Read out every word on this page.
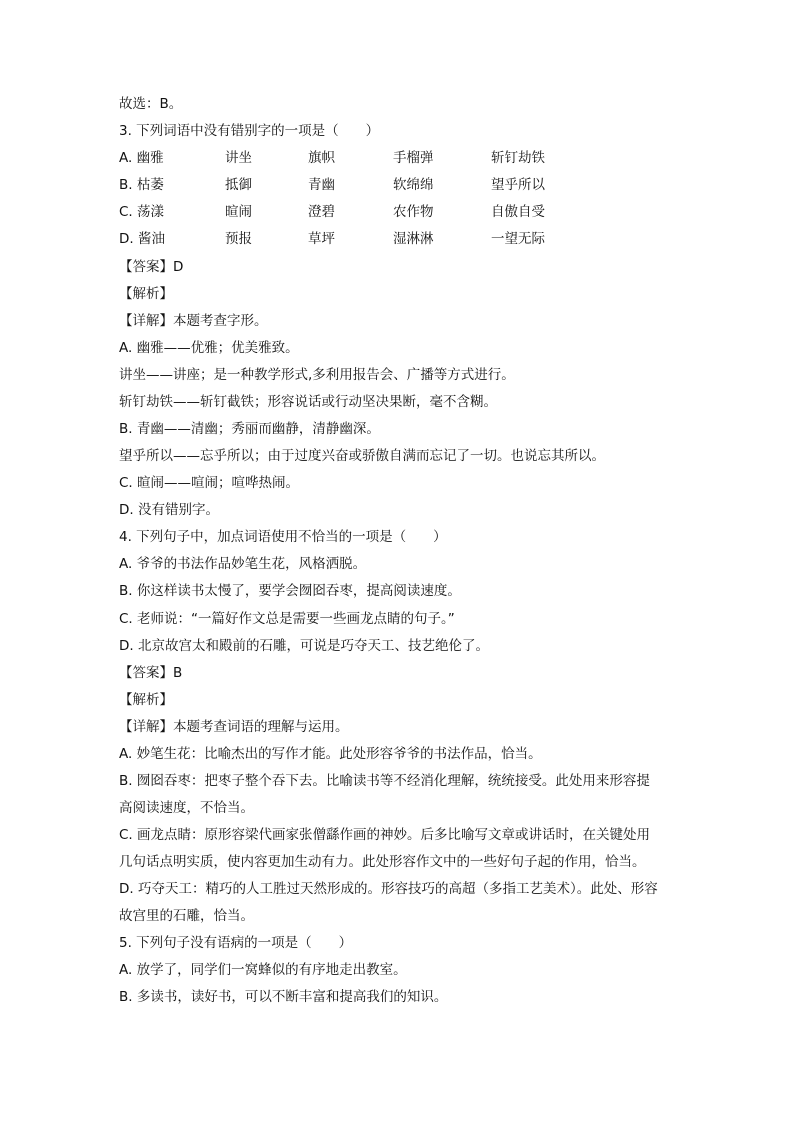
故选：B。
3. 下列词语中没有错别字的一项是（　　）
A. 幽雅	讲坐	旗帜	手榴弹	斩钉劫铁
B. 枯萎	抵御	青幽	软绵绵	望乎所以
C. 荡漾	暄闹	澄碧	农作物	自傲自受
D. 酱油	预报	草坪	湿淋淋	一望无际
【答案】D
【解析】
【详解】本题考查字形。
A. 幽雅——优雅；优美雅致。
讲坐——讲座；是一种教学形式,多利用报告会、广播等方式进行。
斩钉劫铁——斩钉截铁；形容说话或行动坚决果断，毫不含糊。
B. 青幽——清幽；秀丽而幽静，清静幽深。
望乎所以——忘乎所以；由于过度兴奋或骄傲自满而忘记了一切。也说忘其所以。
C. 暄闹——喧闹；喧哗热闹。
D. 没有错别字。
4. 下列句子中，加点词语使用不恰当的一项是（　　）
A. 爷爷的书法作品妙笔生花，风格洒脱。
B. 你这样读书太慢了，要学会囫囵吞枣，提高阅读速度。
C. 老师说：“一篇好作文总是需要一些画龙点睛的句子。”
D. 北京故宫太和殿前的石雕，可说是巧夺天工、技艺绝伦了。
【答案】B
【解析】
【详解】本题考查词语的理解与运用。
A. 妙笔生花：比喻杰出的写作才能。此处形容爷爷的书法作品，恰当。
B. 囫囵吞枣：把枣子整个吞下去。比喻读书等不经消化理解，统统接受。此处用来形容提
高阅读速度，不恰当。
C. 画龙点睛：原形容梁代画家张僧繇作画的神妙。后多比喻写文章或讲话时，在关键处用
几句话点明实质，使内容更加生动有力。此处形容作文中的一些好句子起的作用，恰当。
D. 巧夺天工：精巧的人工胜过天然形成的。形容技巧的高超（多指工艺美术）。此处、形容
故宫里的石雕，恰当。
5. 下列句子没有语病的一项是（　　）
A. 放学了，同学们一窝蜂似的有序地走出教室。
B. 多读书，读好书，可以不断丰富和提高我们的知识。
